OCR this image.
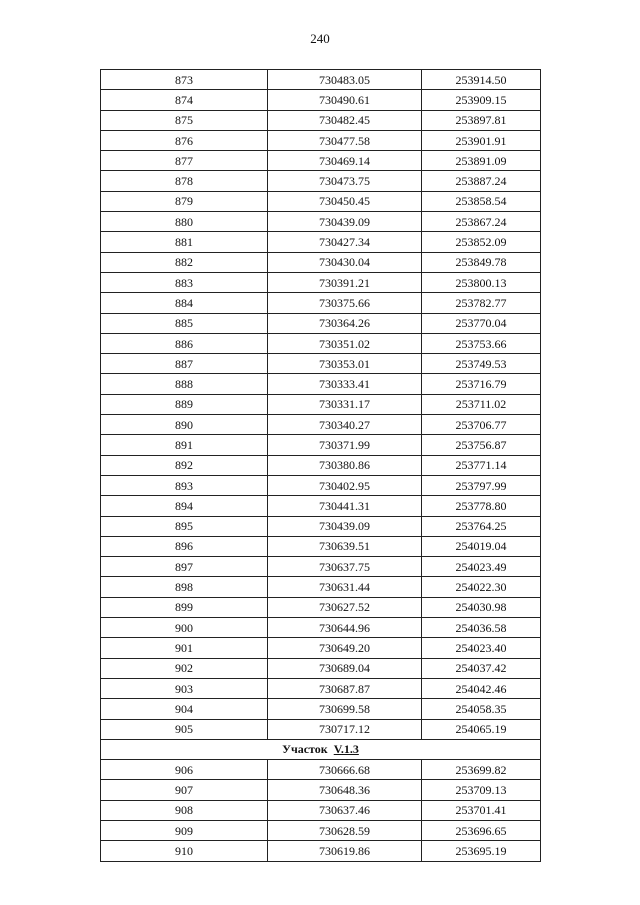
240
873	730483.05	253914.50
874	730490.61	253909.15
875	730482.45	253897.81
876	730477.58	253901.91
877	730469.14	253891.09
878	730473.75	253887.24
879	730450.45	253858.54
880	730439.09	253867.24
881	730427.34	253852.09
882	730430.04	253849.78
883	730391.21	253800.13
884	730375.66	253782.77
885	730364.26	253770.04
886	730351.02	253753.66
887	730353.01	253749.53
888	730333.41	253716.79
889	730331.17	253711.02
890	730340.27	253706.77
891	730371.99	253756.87
892	730380.86	253771.14
893	730402.95	253797.99
894	730441.31	253778.80
895	730439.09	253764.25
896	730639.51	254019.04
897	730637.75	254023.49
898	730631.44	254022.30
899	730627.52	254030.98
900	730644.96	254036.58
901	730649.20	254023.40
902	730689.04	254037.42
903	730687.87	254042.46
904	730699.58	254058.35
905	730717.12	254065.19
Участок V.1.3		
906	730666.68	253699.82
907	730648.36	253709.13
908	730637.46	253701.41
909	730628.59	253696.65
910	730619.86	253695.19
